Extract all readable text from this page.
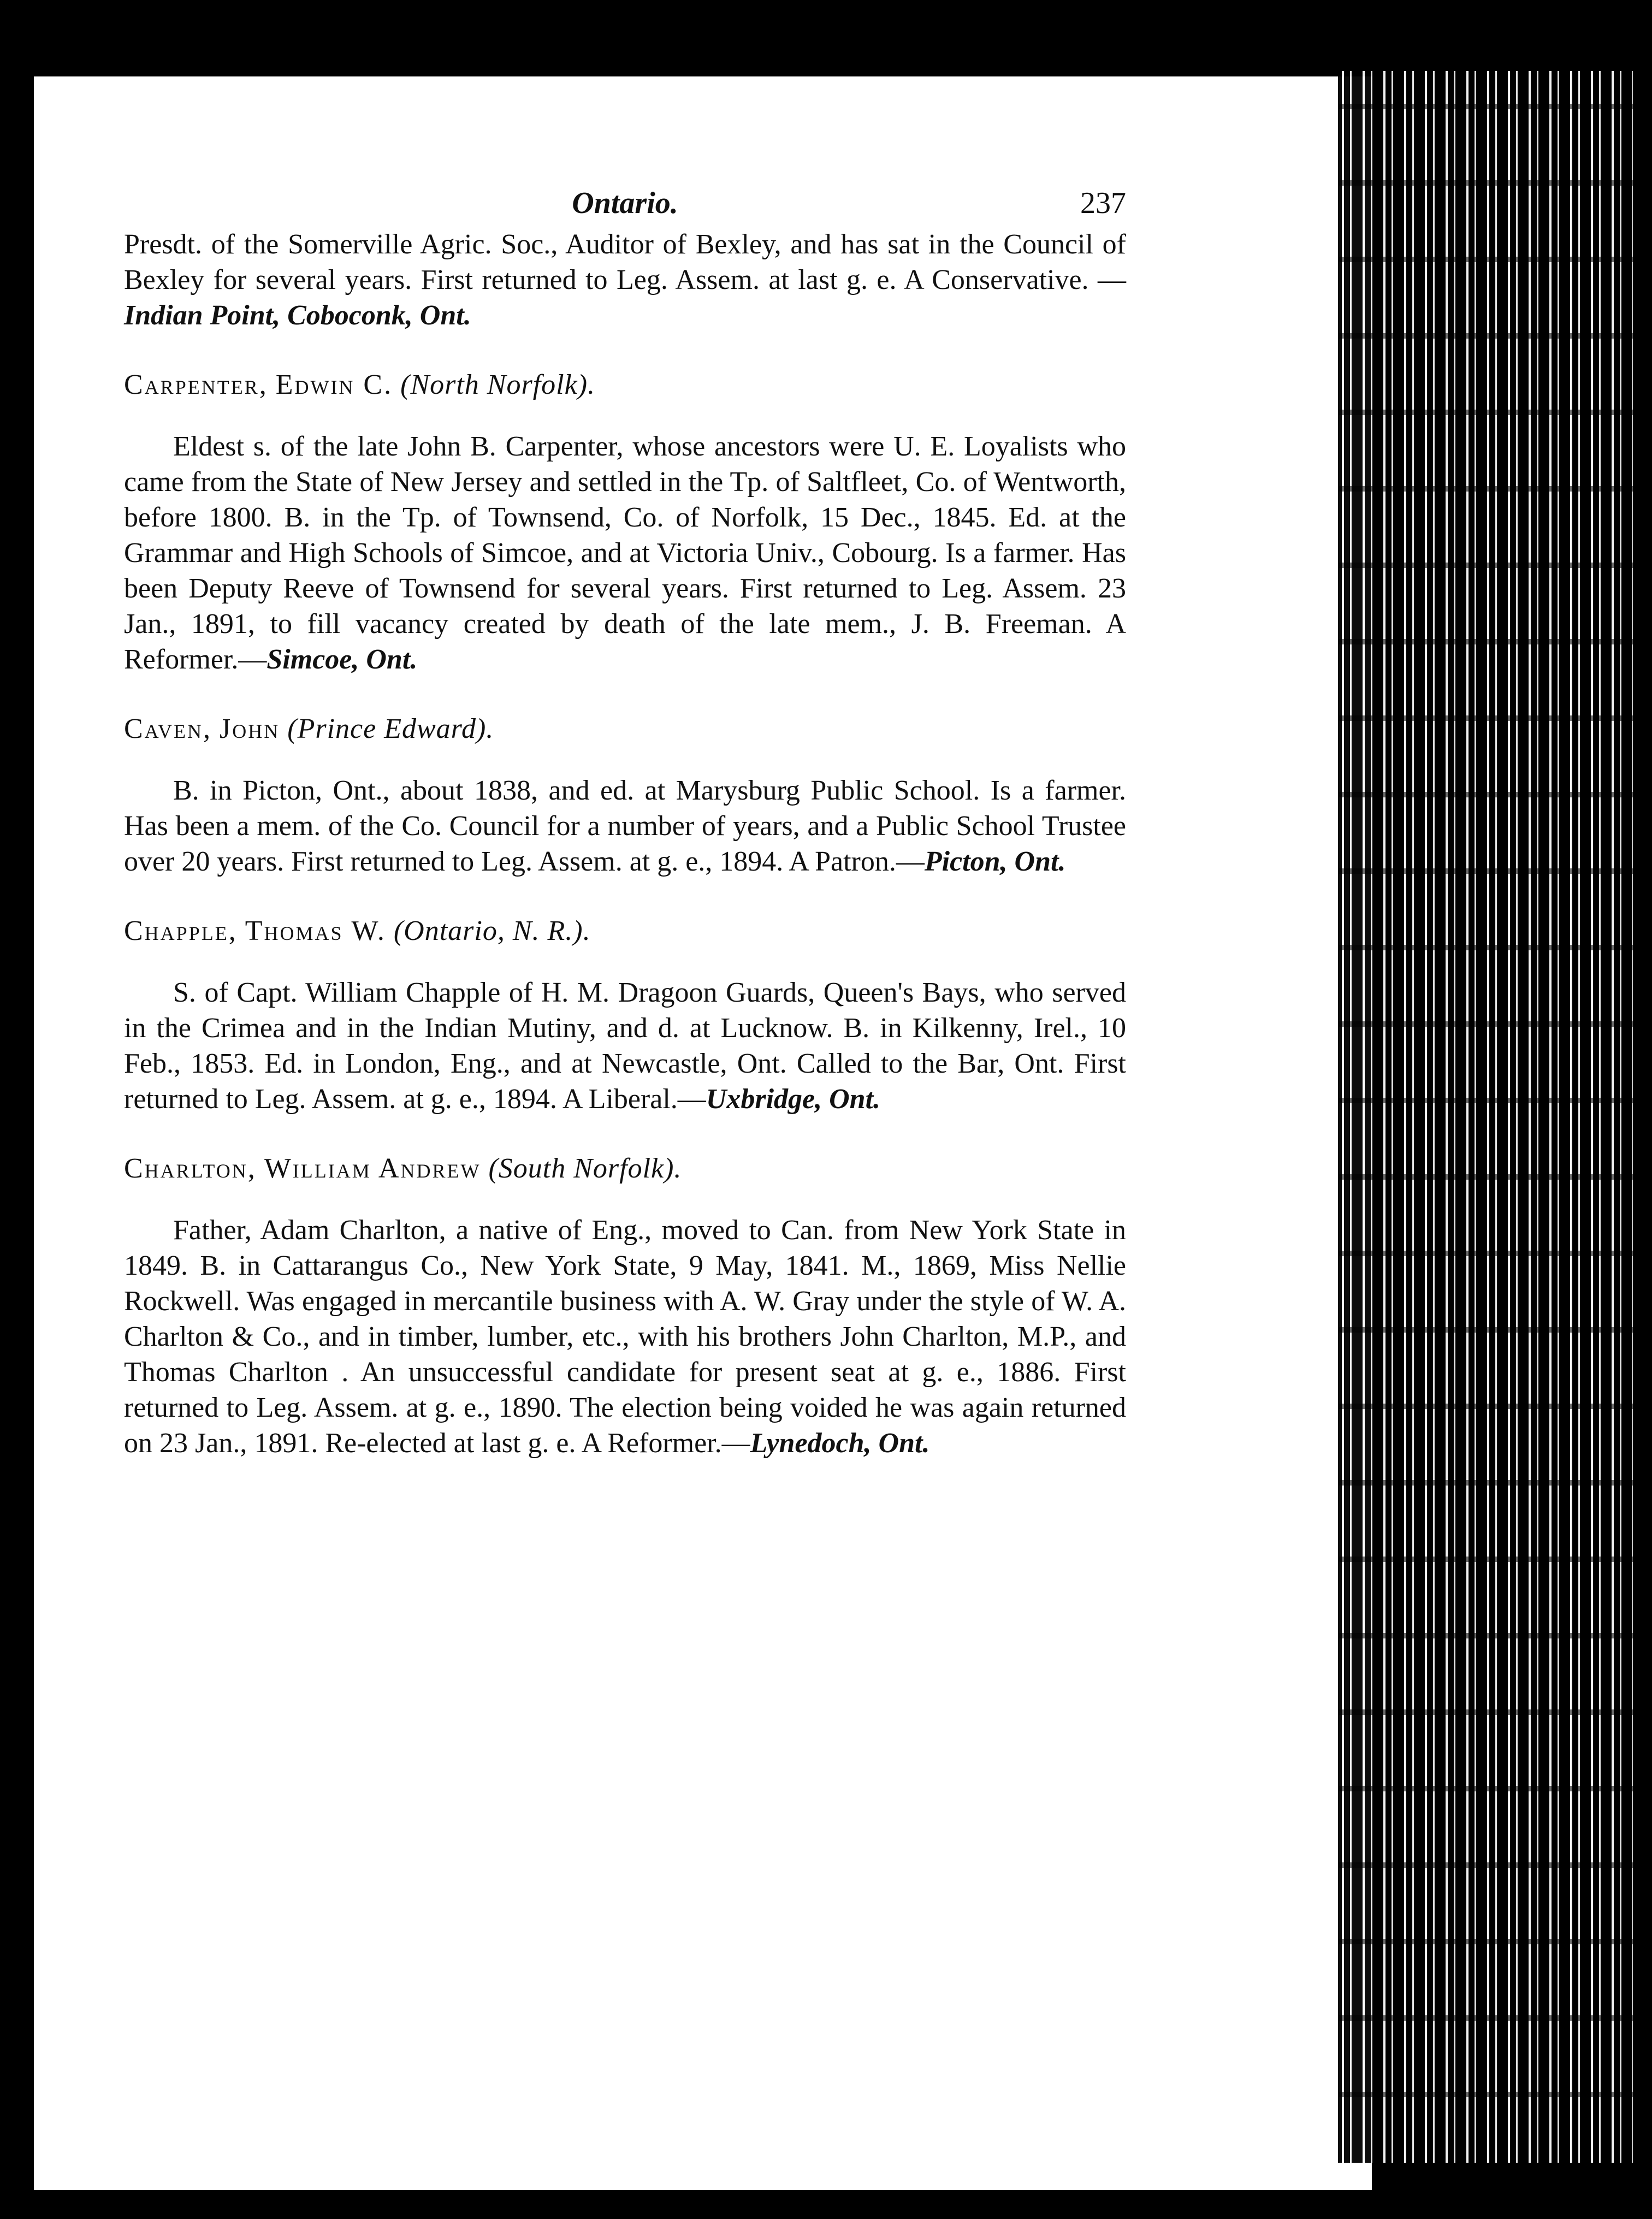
Ontario.	237

Presdt. of the Somerville Agric. Soc., Auditor of Bexley, and has sat in the Council of Bexley for several years. First returned to Leg. Assem. at last g. e. A Conservative. —Indian Point, Coboconk, Ont.

Carpenter, Edwin C. (North Norfolk).

Eldest s. of the late John B. Carpenter, whose ancestors were U. E. Loyalists who came from the State of New Jersey and settled in the Tp. of Saltfleet, Co. of Wentworth, before 1800. B. in the Tp. of Townsend, Co. of Norfolk, 15 Dec., 1845. Ed. at the Grammar and High Schools of Simcoe, and at Victoria Univ., Cobourg. Is a farmer. Has been Deputy Reeve of Townsend for several years. First returned to Leg. Assem. 23 Jan., 1891, to fill vacancy created by death of the late mem., J. B. Freeman. A Reformer.—Simcoe, Ont.

Caven, John (Prince Edward).

B. in Picton, Ont., about 1838, and ed. at Marysburg Public School. Is a farmer. Has been a mem. of the Co. Council for a number of years, and a Public School Trustee over 20 years. First returned to Leg. Assem. at g. e., 1894. A Patron.—Picton, Ont.

Chapple, Thomas W. (Ontario, N. R.).

S. of Capt. William Chapple of H. M. Dragoon Guards, Queen's Bays, who served in the Crimea and in the Indian Mutiny, and d. at Lucknow. B. in Kilkenny, Irel., 10 Feb., 1853. Ed. in London, Eng., and at Newcastle, Ont. Called to the Bar, Ont. First returned to Leg. Assem. at g. e., 1894. A Liberal.—Uxbridge, Ont.

Charlton, William Andrew (South Norfolk).

Father, Adam Charlton, a native of Eng., moved to Can. from New York State in 1849. B. in Cattarangus Co., New York State, 9 May, 1841. M., 1869, Miss Nellie Rockwell. Was engaged in mercantile business with A. W. Gray under the style of W. A. Charlton & Co., and in timber, lumber, etc., with his brothers John Charlton, M.P., and Thomas Charlton . An unsuccessful candidate for present seat at g. e., 1886. First returned to Leg. Assem. at g. e., 1890. The election being voided he was again returned on 23 Jan., 1891. Re-elected at last g. e. A Reformer.—Lynedoch, Ont.
